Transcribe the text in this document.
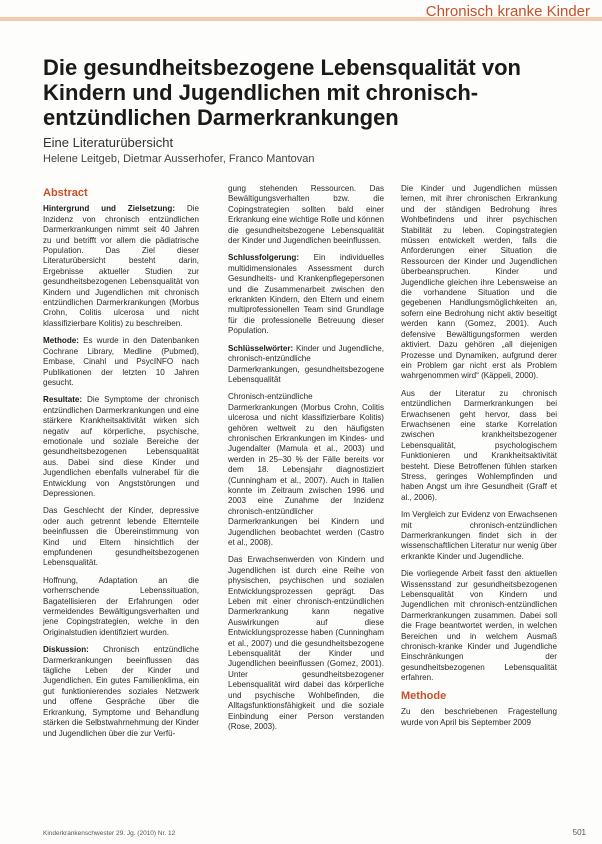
Chronisch kranke Kinder
Die gesundheitsbezogene Lebensqualität von Kindern und Jugendlichen mit chronisch-entzündlichen Darmerkrankungen
Eine Literaturübersicht
Helene Leitgeb, Dietmar Ausserhofer, Franco Mantovan
Abstract

Hintergrund und Zielsetzung: Die Inzidenz von chronisch entzündlichen Darmerkrankungen nimmt seit 40 Jahren zu und betrifft vor allem die pädiatrische Population. Das Ziel dieser Literaturübersicht besteht darin, Ergebnisse aktueller Studien zur gesundheitsbezogenen Lebensqualität von Kindern und Jugendlichen mit chronisch entzündlichen Darmerkrankungen (Morbus Crohn, Colitis ulcerosa und nicht klassifizierbare Kolitis) zu beschreiben.

Methode: Es wurde in den Datenbanken Cochrane Library, Medline (Pubmed), Embase, Cinahl und PsycINFO nach Publikationen der letzten 10 Jahren gesucht.

Resultate: Die Symptome der chronisch entzündlichen Darmerkrankungen und eine stärkere Krankheitsaktivität wirken sich negativ auf körperliche, psychische, emotionale und soziale Bereiche der gesundheitsbezogenen Lebensqualität aus. Dabei sind diese Kinder und Jugendlichen ebenfalls vulnerabel für die Entwicklung von Angststörungen und Depressionen.

Das Geschlecht der Kinder, depressive oder auch getrennt lebende Elternteile beeinflussen die Übereinstimmung von Kind und Eltern hinsichtlich der empfundenen gesundheitsbezogenen Lebensqualität.

Hoffnung, Adaptation an die vorherrschende Lebenssituation, Bagatellisieren der Erfahrungen oder vermeidendes Bewältigungsverhalten und jene Copingstrategien, welche in den Originalstudien identifiziert wurden.

Diskussion: Chronisch entzündliche Darmerkrankungen beeinflussen das tägliche Leben der Kinder und Jugendlichen. Ein gutes Familienklima, ein gut funktionierendes soziales Netzwerk und offene Gespräche über die Erkrankung, Symptome und Behandlung stärken die Selbstwahrnehmung der Kinder und Jugendlichen über die zur Verfü-

gung stehenden Ressourcen. Das Bewältigungsverhalten bzw. die Copingstrategien sollten bald einer Erkrankung eine wichtige Rolle und können die gesundheitsbezogene Lebensqualität der Kinder und Jugendlichen beeinflussen.

Schlussfolgerung: Ein individuelles multidimensionales Assessment durch Gesundheits- und Krankenpflegepersonen und die Zusammenarbeit zwischen den erkrankten Kindern, den Eltern und einem multiprofessionellen Team sind Grundlage für die professionelle Betreuung dieser Population.

Schlüsselwörter: Kinder und Jugendliche, chronisch-entzündliche Darmerkrankungen, gesundheitsbezogene Lebensqualität

Chronisch-entzündliche Darmerkrankungen (Morbus Crohn, Colitis ulcerosa und nicht klassifizierbare Kolitis) gehören weltweit zu den häufigsten chronischen Erkrankungen im Kindes- und Jugendalter (Mamula et al., 2003) und werden in 25–30 % der Fälle bereits vor dem 18. Lebensjahr diagnostiziert (Cunningham et al., 2007). Auch in Italien konnte im Zeitraum zwischen 1996 und 2003 eine Zunahme der Inzidenz chronisch-entzündlicher Darmerkrankungen bei Kindern und Jugendlichen beobachtet werden (Castro et al., 2008).

Das Erwachsenwerden von Kindern und Jugendlichen ist durch eine Reihe von physischen, psychischen und sozialen Entwicklungsprozessen geprägt. Das Leben mit einer chronisch-entzündlichen Darmerkrankung kann negative Auswirkungen auf diese Entwicklungsprozesse haben (Cunningham et al., 2007) und die gesundheitsbezogene Lebensqualität der Kinder und Jugendlichen beeinflussen (Gomez, 2001). Unter gesundheitsbezogener Lebensqualität wird dabei das körperliche und psychische Wohlbefinden, die Alltagsfunktionsfähigkeit und die soziale Einbindung einer Person verstanden (Rose, 2003).

Die Kinder und Jugendlichen müssen lernen, mit ihrer chronischen Erkrankung und der ständigen Bedrohung ihres Wohlbefindens und ihrer psychischen Stabilität zu leben. Copingstrategien müssen entwickelt werden, falls die Anforderungen einer Situation die Ressourcen der Kinder und Jugendlichen überbeanspruchen. Kinder und Jugendliche gleichen ihre Lebensweise an die vorhandene Situation und die gegebenen Handlungsmöglichkeiten an, sofern eine Bedrohung nicht aktiv beseitigt werden kann (Gomez, 2001). Auch defensive Bewältigungsformen werden aktiviert. Dazu gehören „all diejenigen Prozesse und Dynamiken, aufgrund derer ein Problem gar nicht erst als Problem wahrgenommen wird“ (Käppeli, 2000).

Aus der Literatur zu chronisch entzündlichen Darmerkrankungen bei Erwachsenen geht hervor, dass bei Erwachsenen eine starke Korrelation zwischen krankheitsbezogener Lebensqualität, psychologischem Funktionieren und Krankheitsaktivität besteht. Diese Betroffenen fühlen starken Stress, geringes Wohlempfinden und haben Angst um ihre Gesundheit (Graff et al., 2006).

Im Vergleich zur Evidenz von Erwachsenen mit chronisch-entzündlichen Darmerkrankungen findet sich in der wissenschaftlichen Literatur nur wenig über erkrankte Kinder und Jugendliche.

Die vorliegende Arbeit fasst den aktuellen Wissensstand zur gesundheitsbezogenen Lebensqualität von Kindern und Jugendlichen mit chronisch-entzündlichen Darmerkrankungen zusammen. Dabei soll die Frage beantwortet werden, in welchen Bereichen und in welchem Ausmaß chronisch-kranke Kinder und Jugendliche Einschränkungen der gesundheitsbezogenen Lebensqualität erfahren.

Methode

Zu den beschriebenen Fragestellung wurde von April bis September 2009

Kinderkrankenschwester 29. Jg. (2010) Nr. 12	501
